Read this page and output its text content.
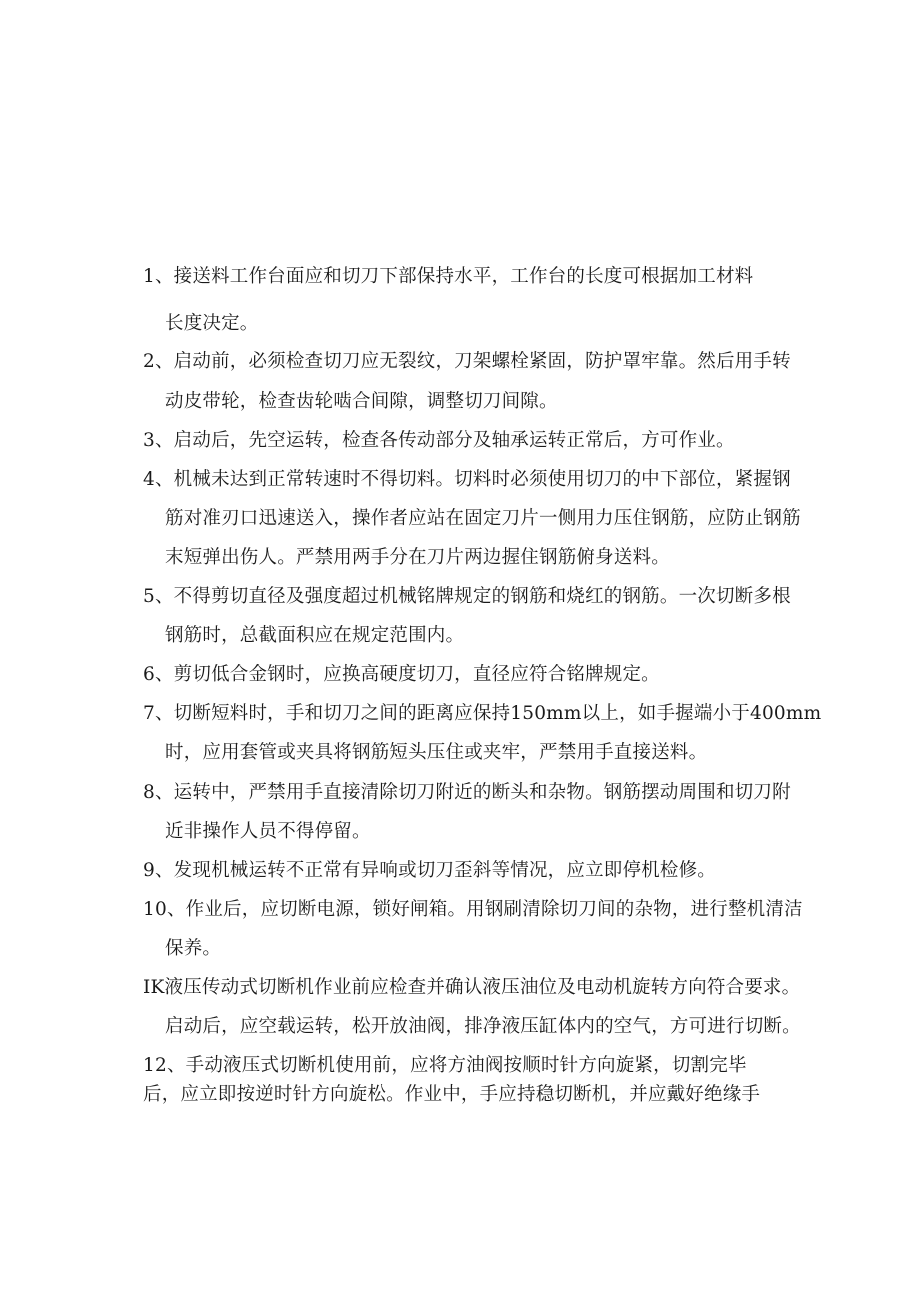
1、接送料工作台面应和切刀下部保持水平，工作台的长度可根据加工材料
长度决定。
2、启动前，必须检查切刀应无裂纹，刀架螺栓紧固，防护罩牢靠。然后用手转
动皮带轮，检查齿轮啮合间隙，调整切刀间隙。
3、启动后，先空运转，检查各传动部分及轴承运转正常后，方可作业。
4、机械未达到正常转速时不得切料。切料时必须使用切刀的中下部位，紧握钢
筋对准刃口迅速送入，操作者应站在固定刀片一侧用力压住钢筋，应防止钢筋
末短弹出伤人。严禁用两手分在刀片两边握住钢筋俯身送料。
5、不得剪切直径及强度超过机械铭牌规定的钢筋和烧红的钢筋。一次切断多根
钢筋时，总截面积应在规定范围内。
6、剪切低合金钢时，应换高硬度切刀，直径应符合铭牌规定。
7、切断短料时，手和切刀之间的距离应保持150mm以上，如手握端小于400mm
时，应用套管或夹具将钢筋短头压住或夹牢，严禁用手直接送料。
8、运转中，严禁用手直接清除切刀附近的断头和杂物。钢筋摆动周围和切刀附
近非操作人员不得停留。
9、发现机械运转不正常有异响或切刀歪斜等情况，应立即停机检修。
10、作业后，应切断电源，锁好闸箱。用钢刷清除切刀间的杂物，进行整机清洁
保养。
IK液压传动式切断机作业前应检查并确认液压油位及电动机旋转方向符合要求。
启动后，应空载运转，松开放油阀，排净液压缸体内的空气，方可进行切断。
12、手动液压式切断机使用前，应将方油阀按顺时针方向旋紧，切割完毕
后，应立即按逆时针方向旋松。作业中，手应持稳切断机，并应戴好绝缘手
